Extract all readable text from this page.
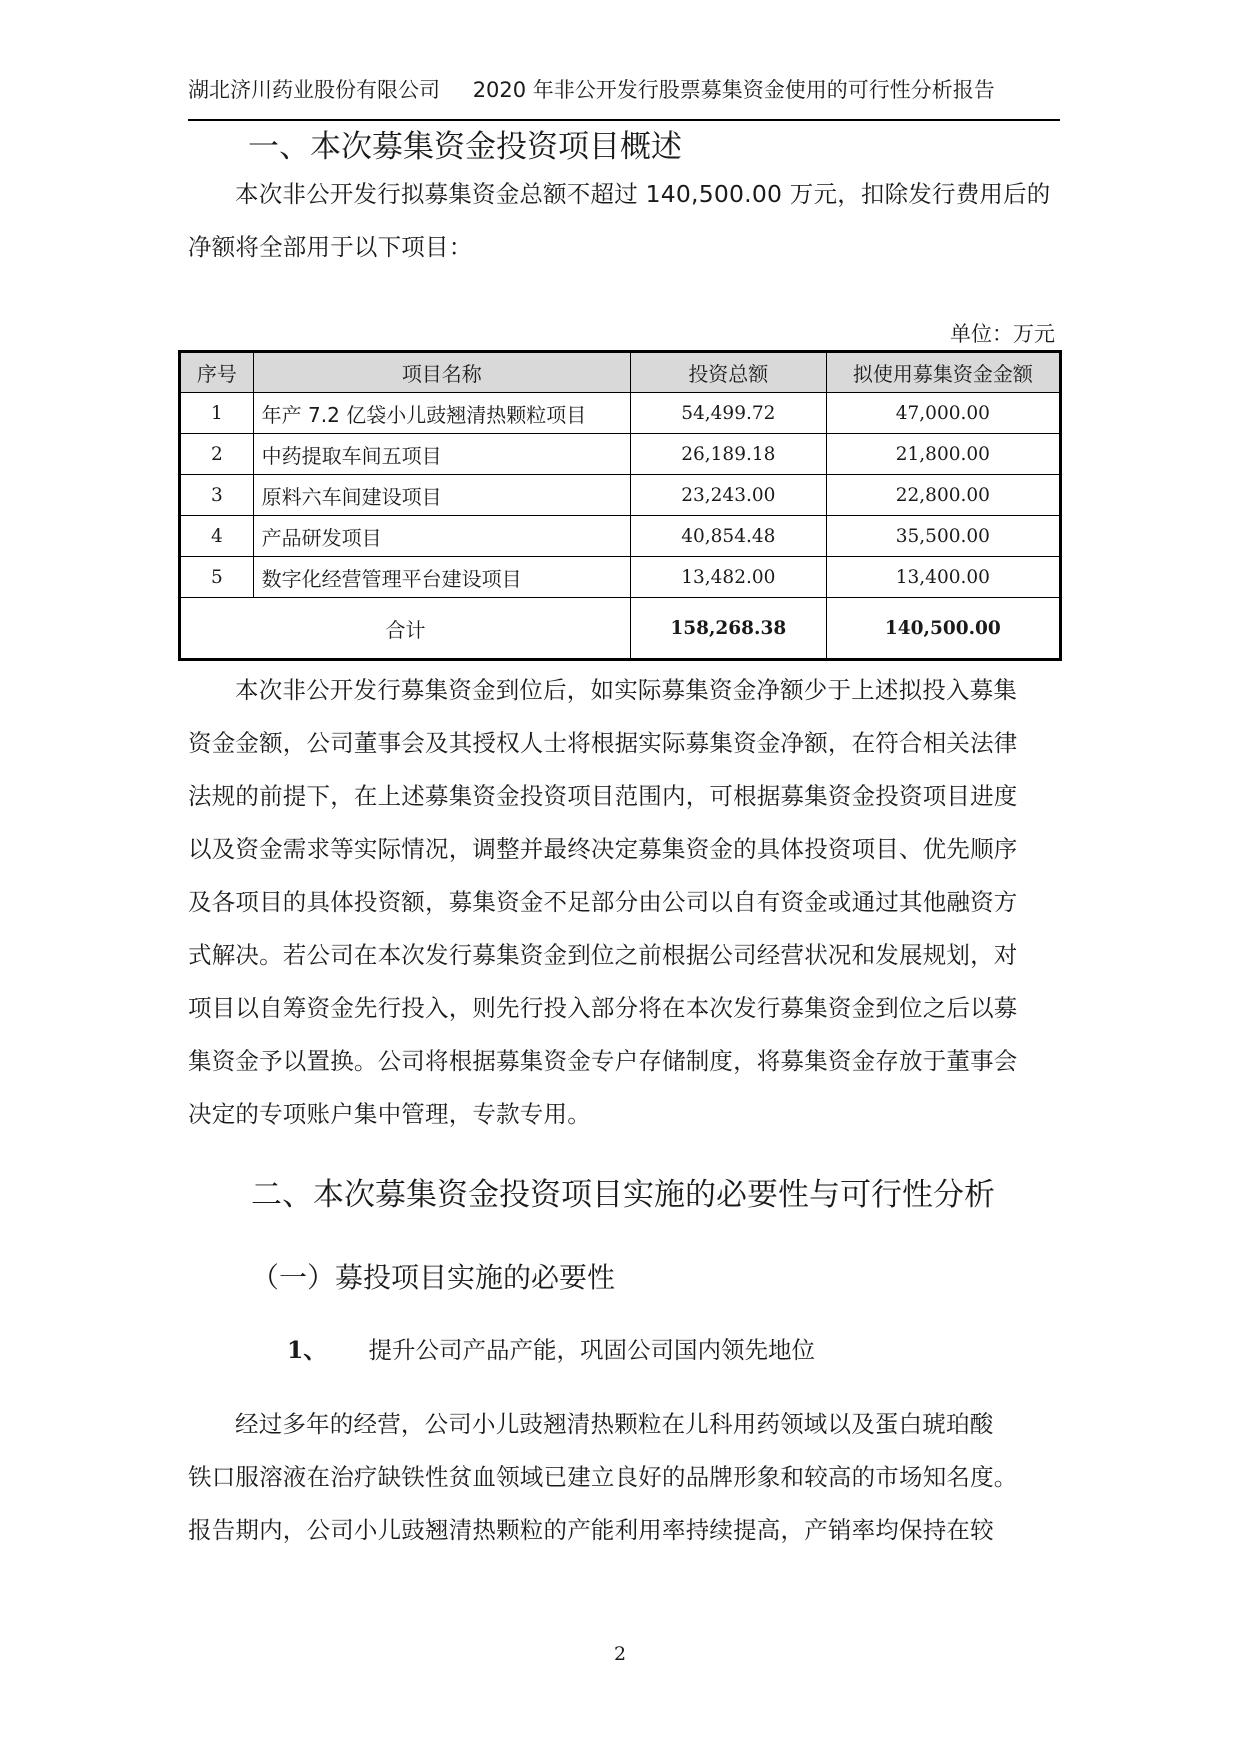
湖北济川药业股份有限公司 2020 年非公开发行股票募集资金使用的可行性分析报告
一、本次募集资金投资项目概述
本次非公开发行拟募集资金总额不超过 140,500.00 万元，扣除发行费用后的
净额将全部用于以下项目：
单位：万元
序号	项目名称	投资总额	拟使用募集资金金额
1	年产 7.2 亿袋小儿豉翘清热颗粒项目	54,499.72	47,000.00
2	中药提取车间五项目	26,189.18	21,800.00
3	原料六车间建设项目	23,243.00	22,800.00
4	产品研发项目	40,854.48	35,500.00
5	数字化经营管理平台建设项目	13,482.00	13,400.00
合计		158,268.38	140,500.00
本次非公开发行募集资金到位后，如实际募集资金净额少于上述拟投入募集
资金金额，公司董事会及其授权人士将根据实际募集资金净额，在符合相关法律
法规的前提下，在上述募集资金投资项目范围内，可根据募集资金投资项目进度
以及资金需求等实际情况，调整并最终决定募集资金的具体投资项目、优先顺序
及各项目的具体投资额，募集资金不足部分由公司以自有资金或通过其他融资方
式解决。若公司在本次发行募集资金到位之前根据公司经营状况和发展规划，对
项目以自筹资金先行投入，则先行投入部分将在本次发行募集资金到位之后以募
集资金予以置换。公司将根据募集资金专户存储制度，将募集资金存放于董事会
决定的专项账户集中管理，专款专用。
二、本次募集资金投资项目实施的必要性与可行性分析
（一）募投项目实施的必要性
1、 提升公司产品产能，巩固公司国内领先地位
经过多年的经营，公司小儿豉翘清热颗粒在儿科用药领域以及蛋白琥珀酸
铁口服溶液在治疗缺铁性贫血领域已建立良好的品牌形象和较高的市场知名度。
报告期内，公司小儿豉翘清热颗粒的产能利用率持续提高，产销率均保持在较
2
